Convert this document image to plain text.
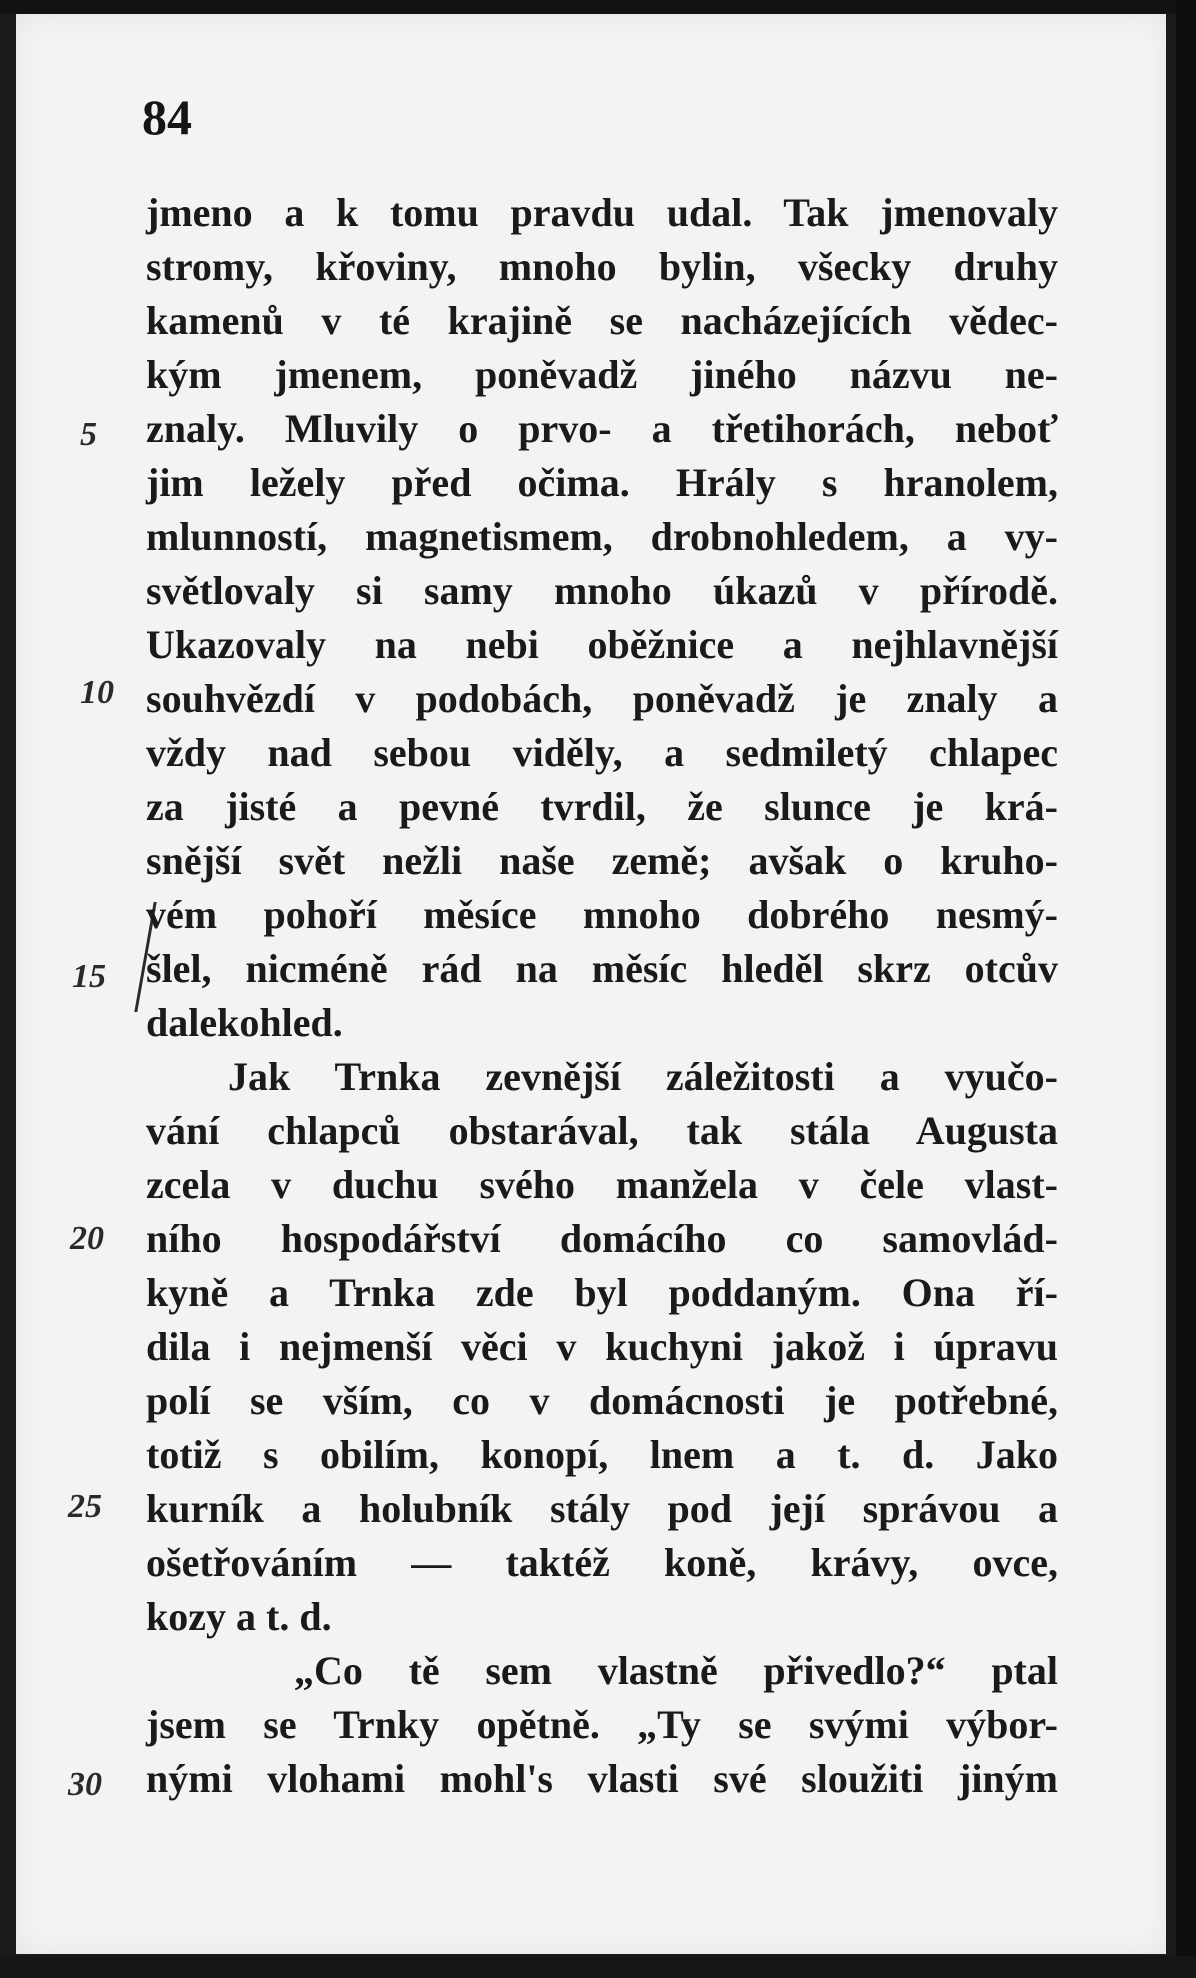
84
5
10
15
20
25
30
jmeno a k tomu pravdu udal. Tak jmenovaly
stromy, křoviny, mnoho bylin, všecky druhy
kamenů v té krajině se nacházejících vědec-
kým jmenem, poněvadž jiného názvu ne-
znaly. Mluvily o prvo- a třetihorách, neboť
jim ležely před očima. Hrály s hranolem,
mlunností, magnetismem, drobnohledem, a vy-
světlovaly si samy mnoho úkazů v přírodě.
Ukazovaly na nebi oběžnice a nejhlavnější
souhvězdí v podobách, poněvadž je znaly a
vždy nad sebou viděly, a sedmiletý chlapec
za jisté a pevné tvrdil, že slunce je krá-
snější svět nežli naše země; avšak o kruho-
vém pohoří měsíce mnoho dobrého nesmý-
šlel, nicméně rád na měsíc hleděl skrz otcův
dalekohled.
Jak Trnka zevnější záležitosti a vyučo-
vání chlapců obstarával, tak stála Augusta
zcela v duchu svého manžela v čele vlast-
ního hospodářství domácího co samovlád-
kyně a Trnka zde byl poddaným. Ona ří-
dila i nejmenší věci v kuchyni jakož i úpravu
polí se vším, co v domácnosti je potřebné,
totiž s obilím, konopí, lnem a t. d. Jako
kurník a holubník stály pod její správou a
ošetřováním — taktéž koně, krávy, ovce,
kozy a t. d.
„Co tě sem vlastně přivedlo?“ ptal
jsem se Trnky opětně. „Ty se svými výbor-
nými vlohami mohl's vlasti své sloužiti jiným
